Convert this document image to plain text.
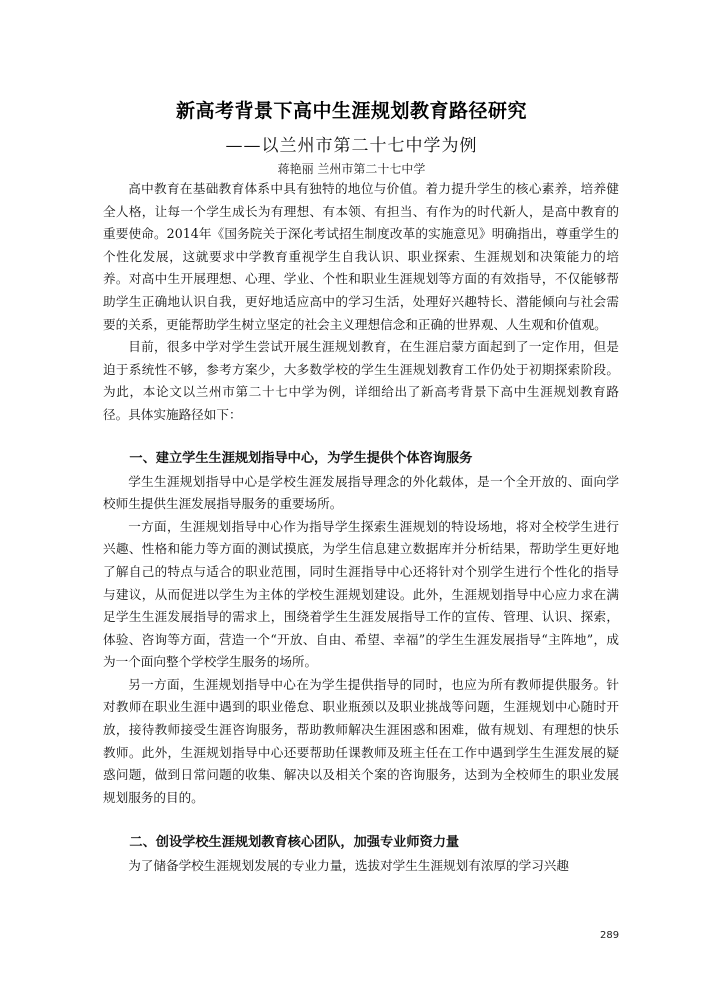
新高考背景下高中生涯规划教育路径研究
——以兰州市第二十七中学为例
蒋艳丽 兰州市第二十七中学

高中教育在基础教育体系中具有独特的地位与价值。着力提升学生的核心素养，培养健全人格，让每一个学生成长为有理想、有本领、有担当、有作为的时代新人，是高中教育的重要使命。2014年《国务院关于深化考试招生制度改革的实施意见》明确指出，尊重学生的个性化发展，这就要求中学教育重视学生自我认识、职业探索、生涯规划和决策能力的培养。对高中生开展理想、心理、学业、个性和职业生涯规划等方面的有效指导，不仅能够帮助学生正确地认识自我，更好地适应高中的学习生活，处理好兴趣特长、潜能倾向与社会需要的关系，更能帮助学生树立坚定的社会主义理想信念和正确的世界观、人生观和价值观。

目前，很多中学对学生尝试开展生涯规划教育，在生涯启蒙方面起到了一定作用，但是迫于系统性不够，参考方案少，大多数学校的学生生涯规划教育工作仍处于初期探索阶段。为此，本论文以兰州市第二十七中学为例，详细给出了新高考背景下高中生涯规划教育路径。具体实施路径如下：

一、建立学生生涯规划指导中心，为学生提供个体咨询服务

学生生涯规划指导中心是学校生涯发展指导理念的外化载体，是一个全开放的、面向学校师生提供生涯发展指导服务的重要场所。

一方面，生涯规划指导中心作为指导学生探索生涯规划的特设场地，将对全校学生进行兴趣、性格和能力等方面的测试摸底，为学生信息建立数据库并分析结果，帮助学生更好地了解自己的特点与适合的职业范围，同时生涯指导中心还将针对个别学生进行个性化的指导与建议，从而促进以学生为主体的学校生涯规划建设。此外，生涯规划指导中心应力求在满足学生生涯发展指导的需求上，围绕着学生生涯发展指导工作的宣传、管理、认识、探索，体验、咨询等方面，营造一个“开放、自由、希望、幸福”的学生生涯发展指导“主阵地”，成为一个面向整个学校学生服务的场所。

另一方面，生涯规划指导中心在为学生提供指导的同时，也应为所有教师提供服务。针对教师在职业生涯中遇到的职业倦怠、职业瓶颈以及职业挑战等问题，生涯规划中心随时开放，接待教师接受生涯咨询服务，帮助教师解决生涯困惑和困难，做有规划、有理想的快乐教师。此外，生涯规划指导中心还要帮助任课教师及班主任在工作中遇到学生生涯发展的疑惑问题，做到日常问题的收集、解决以及相关个案的咨询服务，达到为全校师生的职业发展规划服务的目的。

二、创设学校生涯规划教育核心团队，加强专业师资力量

为了储备学校生涯规划发展的专业力量，选拔对学生生涯规划有浓厚的学习兴趣

289
